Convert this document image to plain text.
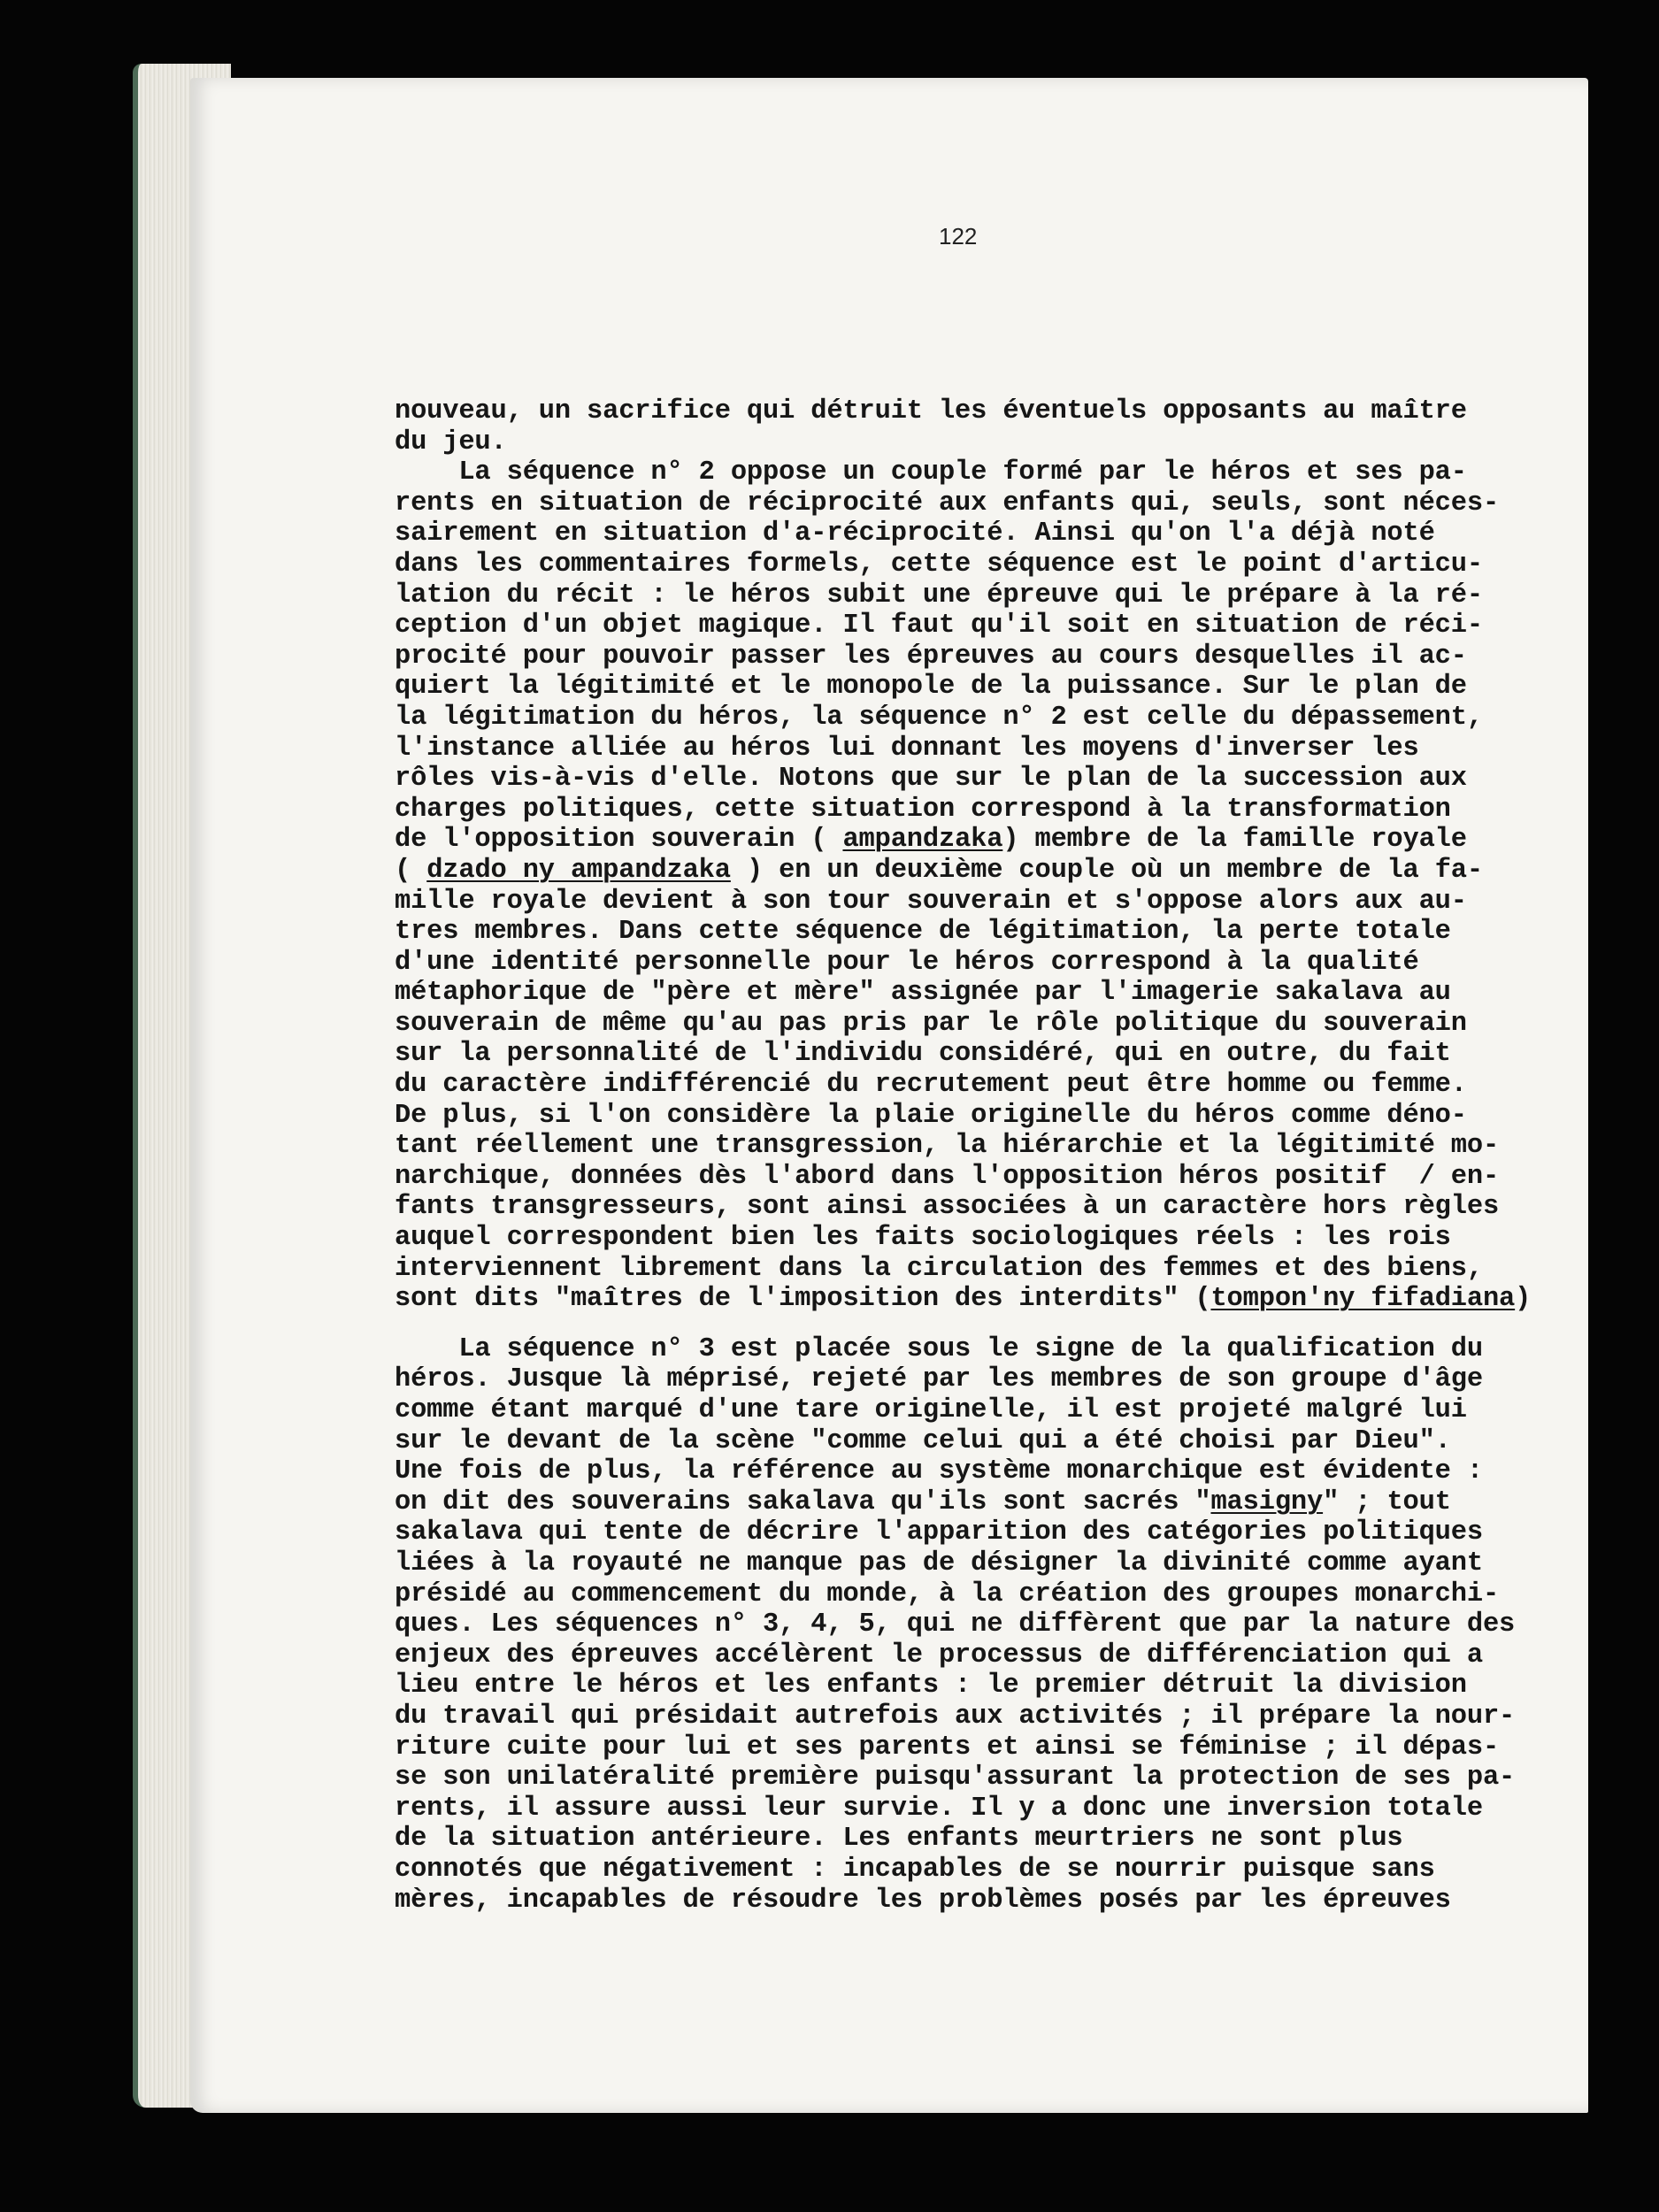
122
nouveau, un sacrifice qui détruit les éventuels opposants au maître
du jeu.
La séquence n° 2 oppose un couple formé par le héros et ses pa-
rents en situation de réciprocité aux enfants qui, seuls, sont néces-
sairement en situation d'a-réciprocité. Ainsi qu'on l'a déjà noté
dans les commentaires formels, cette séquence est le point d'articu-
lation du récit : le héros subit une épreuve qui le prépare à la ré-
ception d'un objet magique. Il faut qu'il soit en situation de réci-
procité pour pouvoir passer les épreuves au cours desquelles il ac-
quiert la légitimité et le monopole de la puissance. Sur le plan de
la légitimation du héros, la séquence n° 2 est celle du dépassement,
l'instance alliée au héros lui donnant les moyens d'inverser les
rôles vis-à-vis d'elle. Notons que sur le plan de la succession aux
charges politiques, cette situation correspond à la transformation
de l'opposition souverain ( ampandzaka) membre de la famille royale
( dzado ny ampandzaka ) en un deuxième couple où un membre de la fa-
mille royale devient à son tour souverain et s'oppose alors aux au-
tres membres. Dans cette séquence de légitimation, la perte totale
d'une identité personnelle pour le héros correspond à la qualité
métaphorique de "père et mère" assignée par l'imagerie sakalava au
souverain de même qu'au pas pris par le rôle politique du souverain
sur la personnalité de l'individu considéré, qui en outre, du fait
du caractère indifférencié du recrutement peut être homme ou femme.
De plus, si l'on considère la plaie originelle du héros comme déno-
tant réellement une transgression, la hiérarchie et la légitimité mo-
narchique, données dès l'abord dans l'opposition héros positif  / en-
fants transgresseurs, sont ainsi associées à un caractère hors règles
auquel correspondent bien les faits sociologiques réels : les rois
interviennent librement dans la circulation des femmes et des biens,
sont dits "maîtres de l'imposition des interdits" (tompon'ny fifadiana)
La séquence n° 3 est placée sous le signe de la qualification du
héros. Jusque là méprisé, rejeté par les membres de son groupe d'âge
comme étant marqué d'une tare originelle, il est projeté malgré lui
sur le devant de la scène "comme celui qui a été choisi par Dieu".
Une fois de plus, la référence au système monarchique est évidente :
on dit des souverains sakalava qu'ils sont sacrés "masigny" ; tout
sakalava qui tente de décrire l'apparition des catégories politiques
liées à la royauté ne manque pas de désigner la divinité comme ayant
présidé au commencement du monde, à la création des groupes monarchi-
ques. Les séquences n° 3, 4, 5, qui ne diffèrent que par la nature des
enjeux des épreuves accélèrent le processus de différenciation qui a
lieu entre le héros et les enfants : le premier détruit la division
du travail qui présidait autrefois aux activités ; il prépare la nour-
riture cuite pour lui et ses parents et ainsi se féminise ; il dépas-
se son unilatéralité première puisqu'assurant la protection de ses pa-
rents, il assure aussi leur survie. Il y a donc une inversion totale
de la situation antérieure. Les enfants meurtriers ne sont plus
connotés que négativement : incapables de se nourrir puisque sans
mères, incapables de résoudre les problèmes posés par les épreuves
